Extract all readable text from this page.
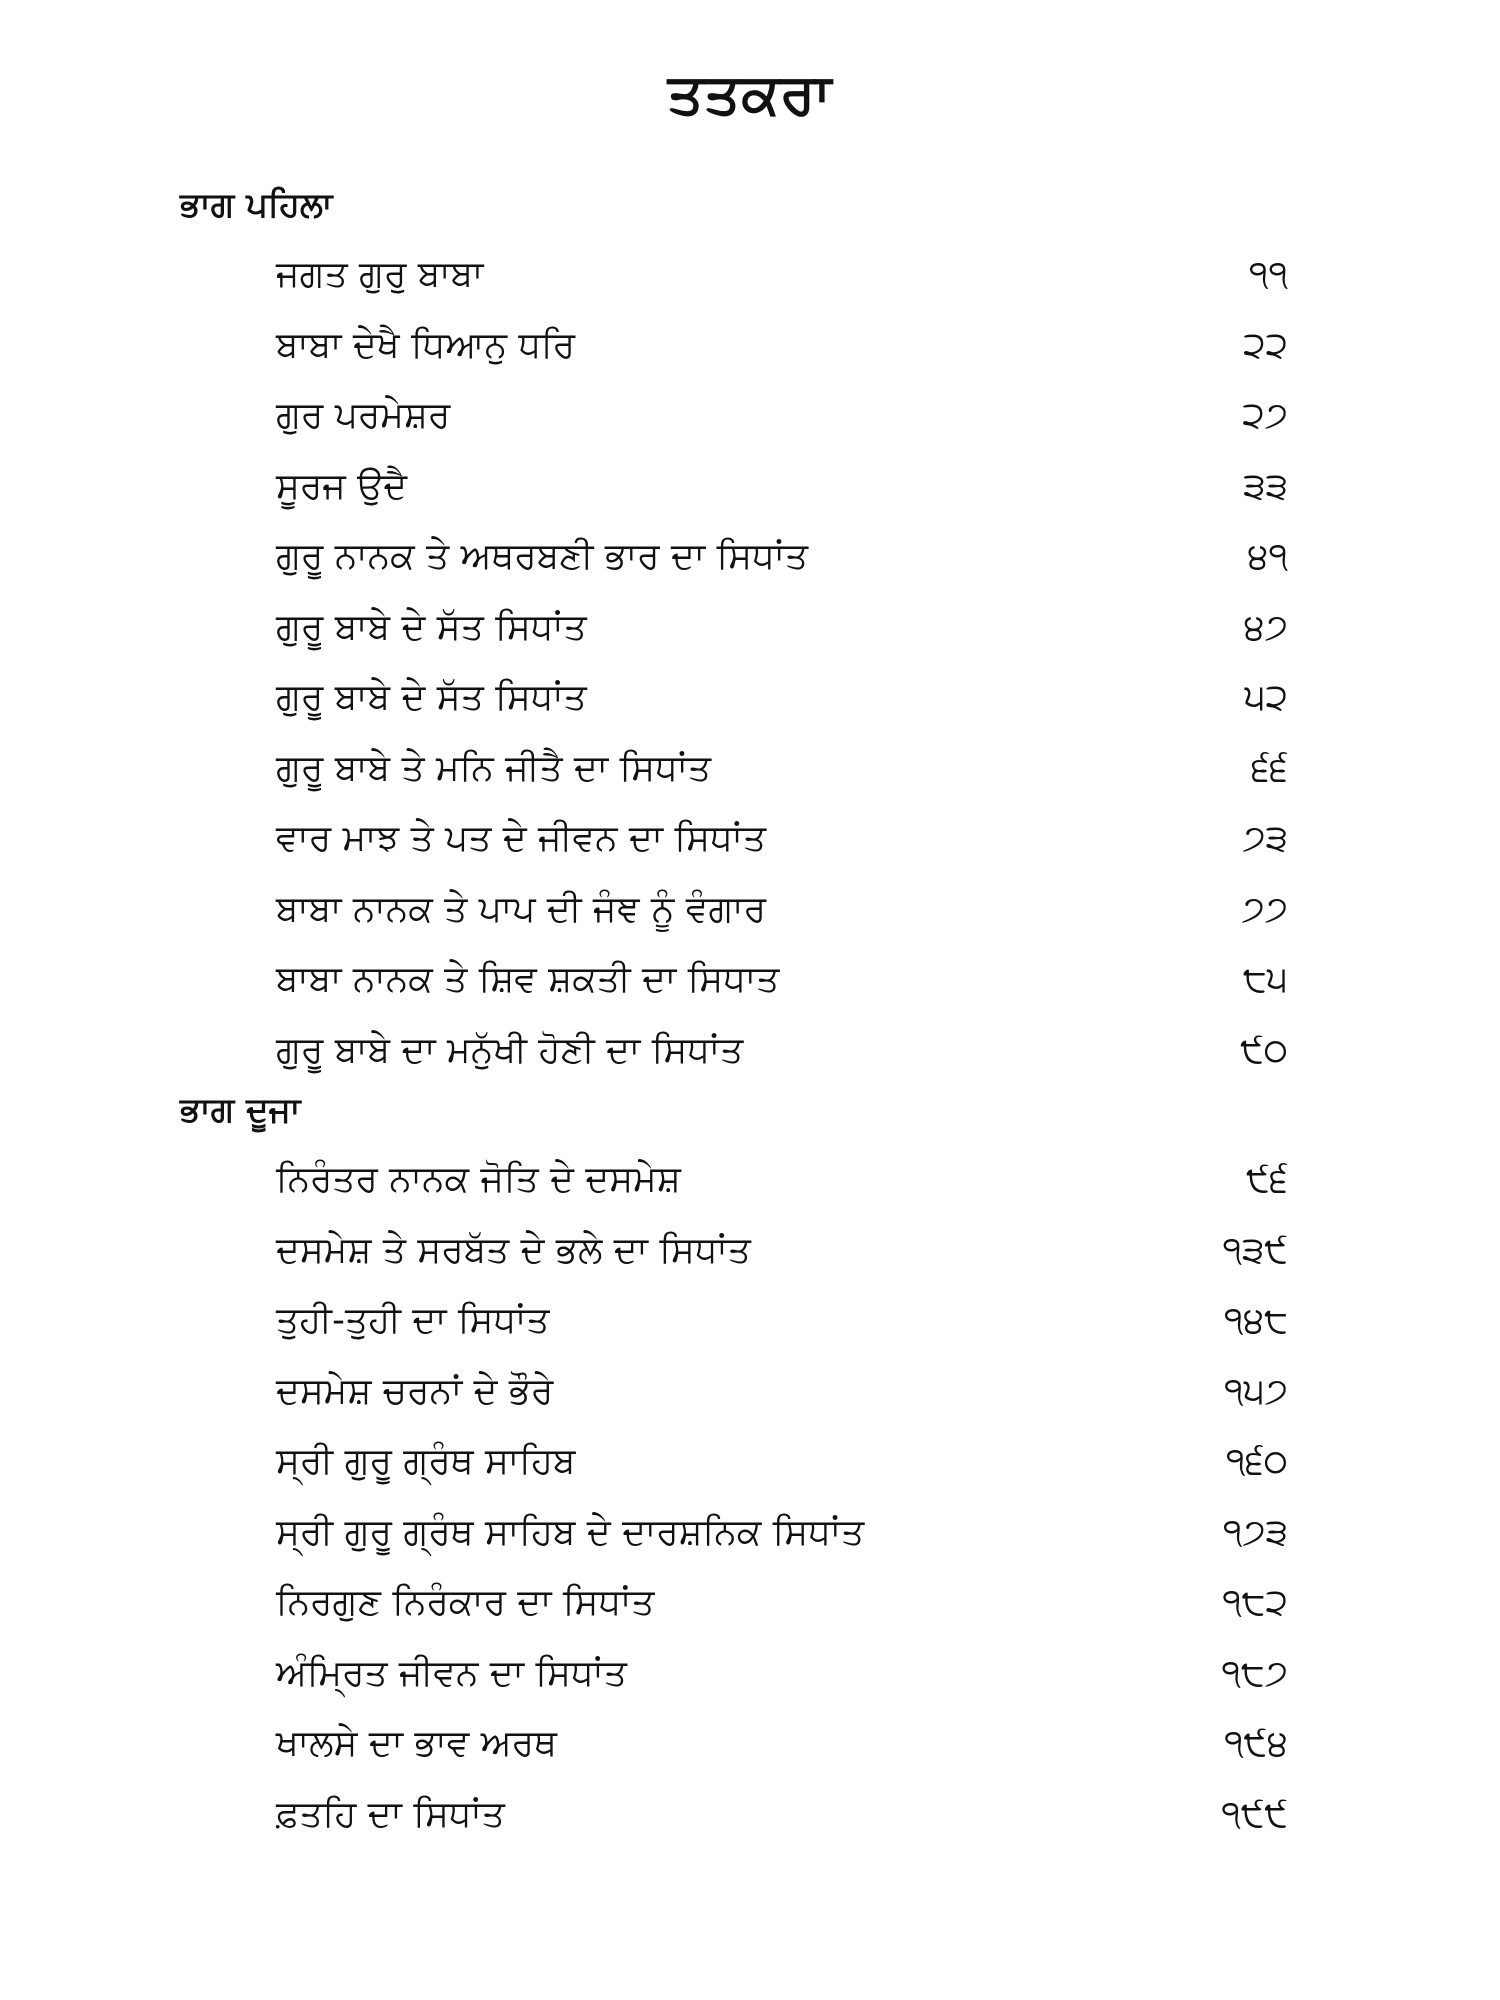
ਤਤਕਰਾ
ਭਾਗ ਪਹਿਲਾ
ਜਗਤ ਗੁਰੁ ਬਾਬਾ	੧੧
ਬਾਬਾ ਦੇਖੈ ਧਿਆਨੁ ਧਰਿ	੨੨
ਗੁਰ ਪਰਮੇਸ਼ਰ	੨੭
ਸੂਰਜ ਉਦੈ	੩੩
ਗੁਰੂ ਨਾਨਕ ਤੇ ਅਥਰਬਣੀ ਭਾਰ ਦਾ ਸਿਧਾਂਤ	੪੧
ਗੁਰੂ ਬਾਬੇ ਦੇ ਸੱਤ ਸਿਧਾਂਤ	੪੭
ਗੁਰੂ ਬਾਬੇ ਦੇ ਸੱਤ ਸਿਧਾਂਤ	੫੨
ਗੁਰੂ ਬਾਬੇ ਤੇ ਮਨਿ ਜੀਤੈ ਦਾ ਸਿਧਾਂਤ	੬੬
ਵਾਰ ਮਾਝ ਤੇ ਪਤ ਦੇ ਜੀਵਨ ਦਾ ਸਿਧਾਂਤ	੭੩
ਬਾਬਾ ਨਾਨਕ ਤੇ ਪਾਪ ਦੀ ਜੰਞ ਨੂੰ ਵੰਗਾਰ	੭੭
ਬਾਬਾ ਨਾਨਕ ਤੇ ਸ਼ਿਵ ਸ਼ਕਤੀ ਦਾ ਸਿਧਾਤ	੮੫
ਗੁਰੂ ਬਾਬੇ ਦਾ ਮਨੁੱਖੀ ਹੋਣੀ ਦਾ ਸਿਧਾਂਤ	੯੦
ਭਾਗ ਦੂਜਾ
ਨਿਰੰਤਰ ਨਾਨਕ ਜੋਤਿ ਦੇ ਦਸਮੇਸ਼	੯੬
ਦਸਮੇਸ਼ ਤੇ ਸਰਬੱਤ ਦੇ ਭਲੇ ਦਾ ਸਿਧਾਂਤ	੧੩੯
ਤੁਹੀ-ਤੁਹੀ ਦਾ ਸਿਧਾਂਤ	੧੪੮
ਦਸਮੇਸ਼ ਚਰਨਾਂ ਦੇ ਭੌਰੇ	੧੫੭
ਸ੍ਰੀ ਗੁਰੂ ਗ੍ਰੰਥ ਸਾਹਿਬ	੧੬੦
ਸ੍ਰੀ ਗੁਰੂ ਗ੍ਰੰਥ ਸਾਹਿਬ ਦੇ ਦਾਰਸ਼ਨਿਕ ਸਿਧਾਂਤ	੧੭੩
ਨਿਰਗੁਣ ਨਿਰੰਕਾਰ ਦਾ ਸਿਧਾਂਤ	੧੮੨
ਅੰਮ੍ਰਿਤ ਜੀਵਨ ਦਾ ਸਿਧਾਂਤ	੧੮੭
ਖਾਲਸੇ ਦਾ ਭਾਵ ਅਰਥ	੧੯੪
ਫ਼ਤਹਿ ਦਾ ਸਿਧਾਂਤ	੧੯੯
